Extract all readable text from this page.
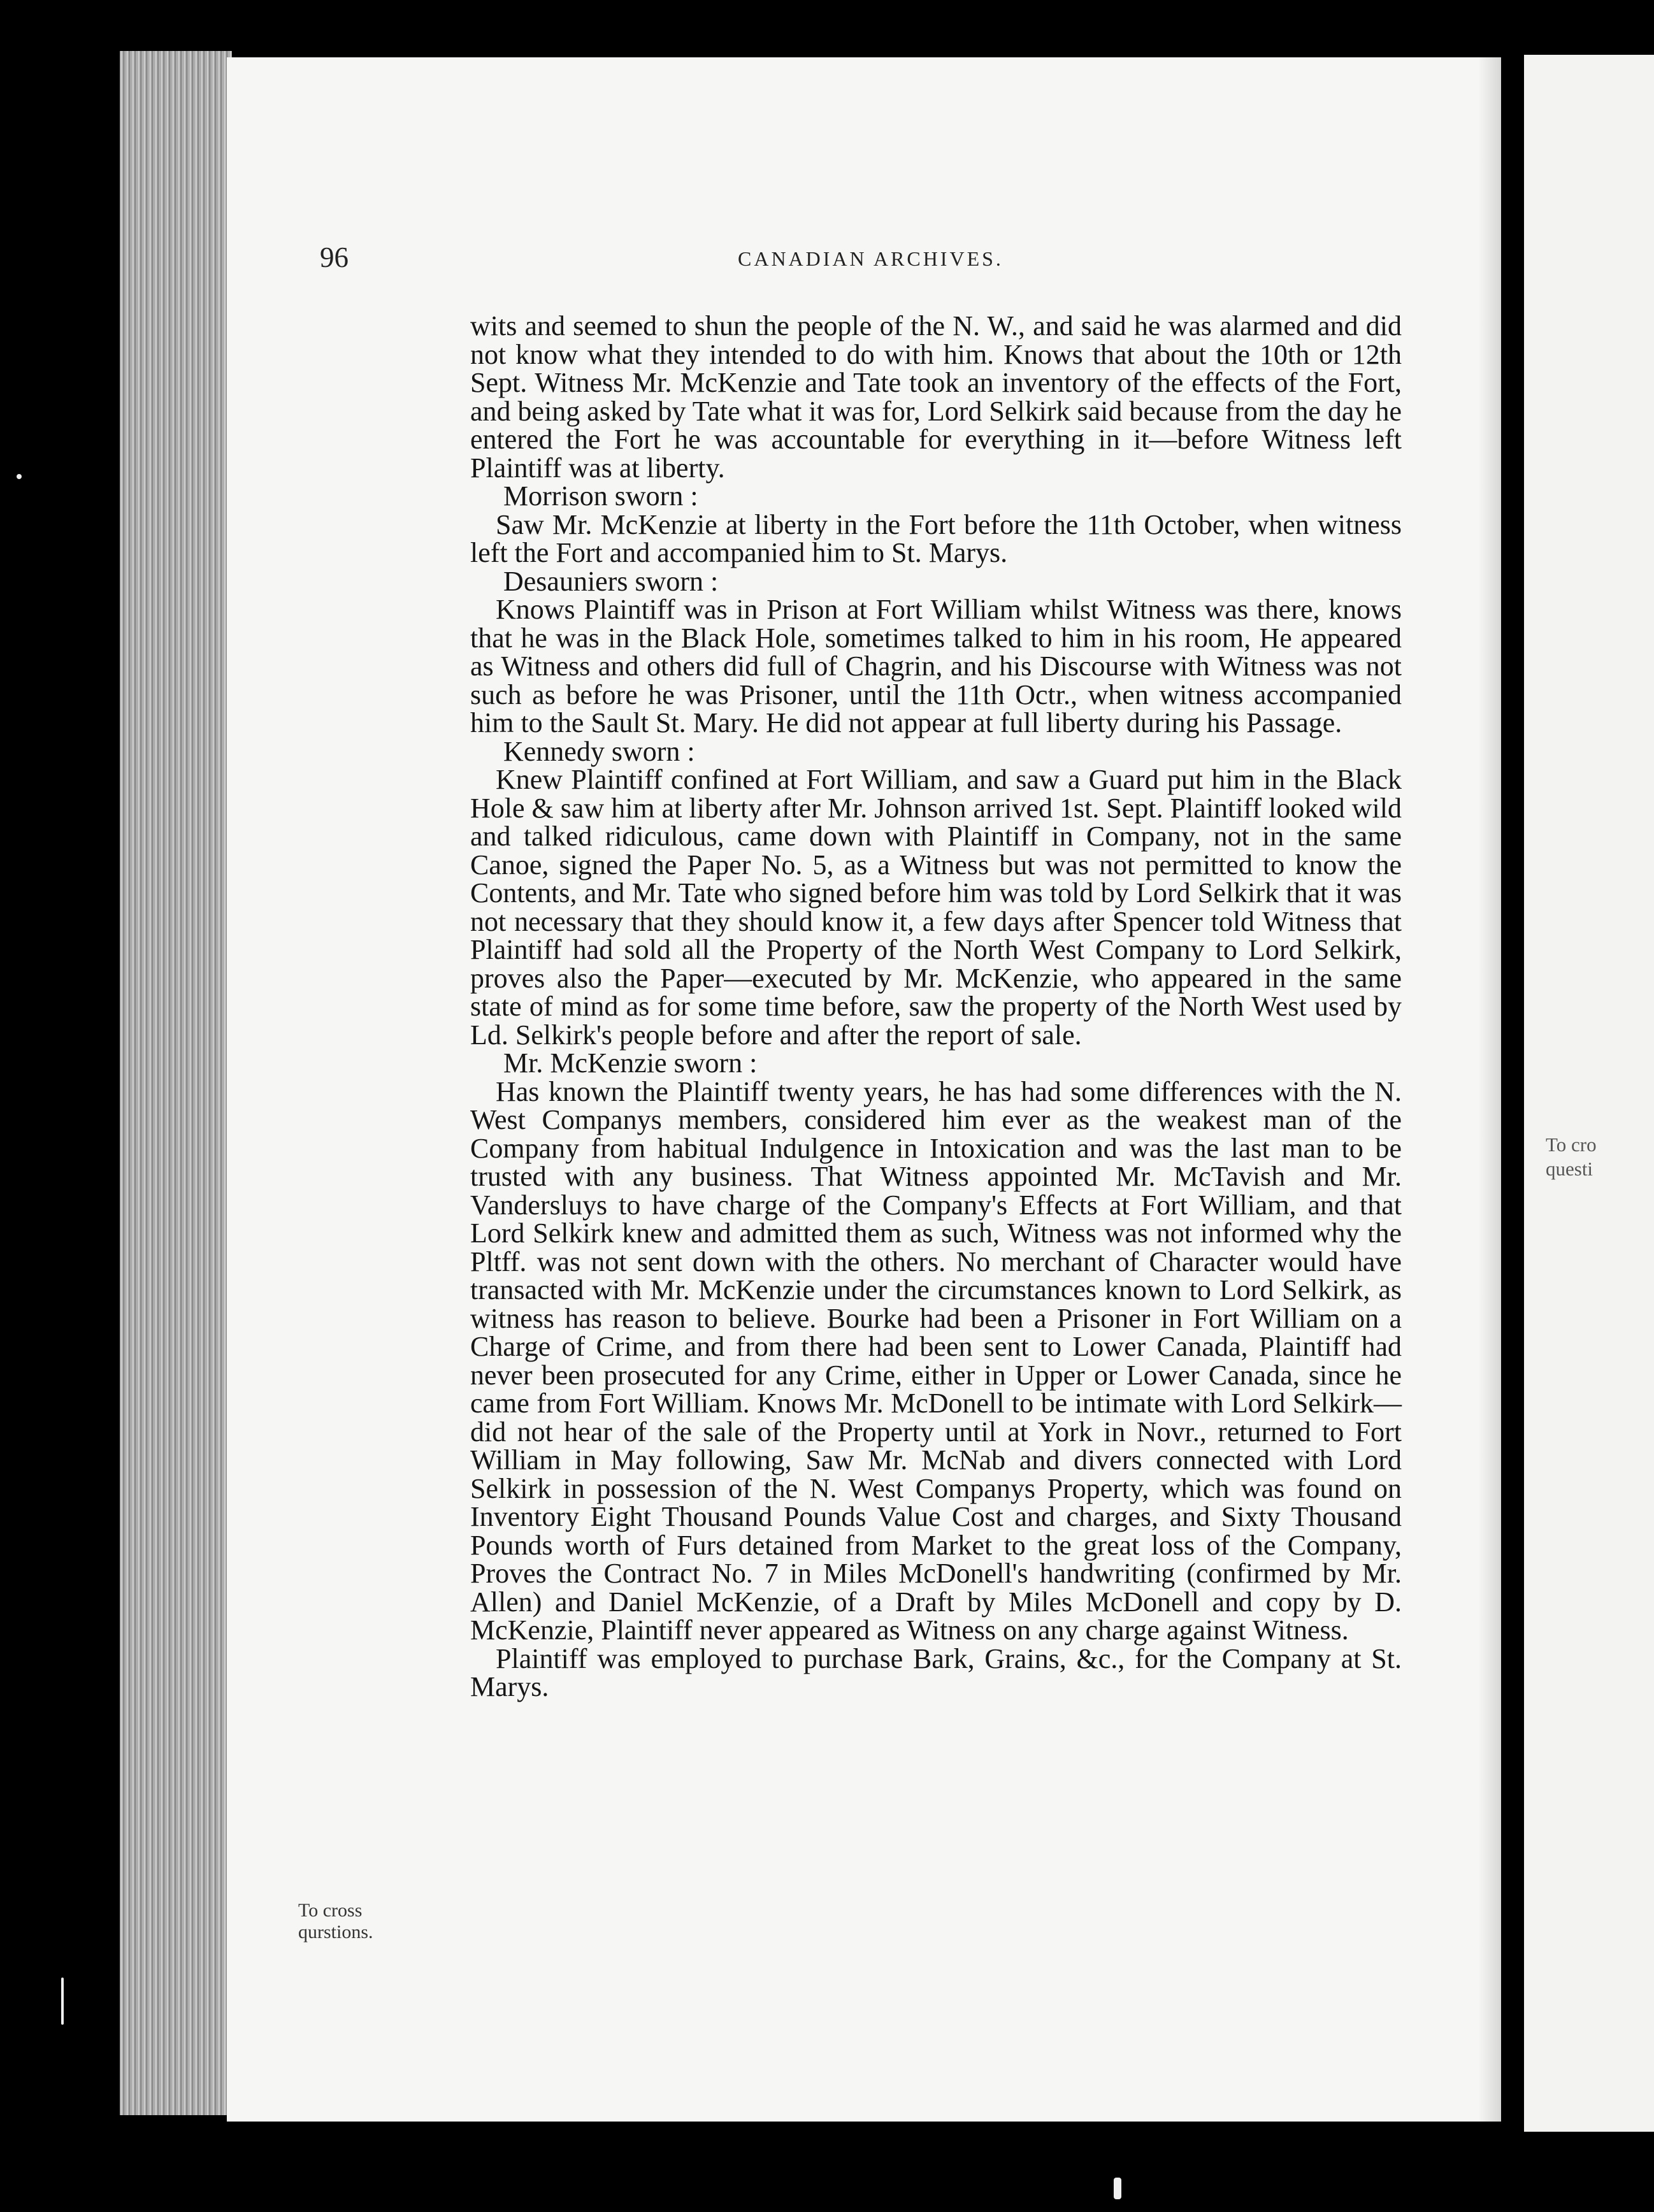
To cro
questi
96	CANADIAN ARCHIVES.

wits and seemed to shun the people of the N. W., and said he was alarmed and did not know what they intended to do with him. Knows that about the 10th or 12th Sept. Witness Mr. McKenzie and Tate took an inventory of the effects of the Fort, and being asked by Tate what it was for, Lord Selkirk said because from the day he entered the Fort he was accountable for everything in it—before Witness left Plaintiff was at liberty.

Morrison sworn :

Saw Mr. McKenzie at liberty in the Fort before the 11th October, when witness left the Fort and accompanied him to St. Marys.

Desauniers sworn :

Knows Plaintiff was in Prison at Fort William whilst Witness was there, knows that he was in the Black Hole, sometimes talked to him in his room, He appeared as Witness and others did full of Chagrin, and his Discourse with Witness was not such as before he was Prisoner, until the 11th Octr., when witness accompanied him to the Sault St. Mary. He did not appear at full liberty during his Passage.

Kennedy sworn :

Knew Plaintiff confined at Fort William, and saw a Guard put him in the Black Hole & saw him at liberty after Mr. Johnson arrived 1st. Sept. Plaintiff looked wild and talked ridiculous, came down with Plaintiff in Company, not in the same Canoe, signed the Paper No. 5, as a Witness but was not permitted to know the Contents, and Mr. Tate who signed before him was told by Lord Selkirk that it was not necessary that they should know it, a few days after Spencer told Witness that Plaintiff had sold all the Property of the North West Company to Lord Selkirk, proves also the Paper—executed by Mr. McKenzie, who appeared in the same state of mind as for some time before, saw the property of the North West used by Ld. Selkirk's people before and after the report of sale.

Mr. McKenzie sworn :

Has known the Plaintiff twenty years, he has had some differences with the N. West Companys members, considered him ever as the weakest man of the Company from habitual Indulgence in Intoxication and was the last man to be trusted with any business. That Witness appointed Mr. McTavish and Mr. Vandersluys to have charge of the Company's Effects at Fort William, and that Lord Selkirk knew and admitted them as such, Witness was not informed why the Pltff. was not sent down with the others. No merchant of Character would have transacted with Mr. McKenzie under the circumstances known to Lord Selkirk, as witness has reason to believe. Bourke had been a Prisoner in Fort William on a Charge of Crime, and from there had been sent to Lower Canada, Plaintiff had never been prosecuted for any Crime, either in Upper or Lower Canada, since he came from Fort William. Knows Mr. McDonell to be intimate with Lord Selkirk—did not hear of the sale of the Property until at York in Novr., returned to Fort William in May following, Saw Mr. McNab and divers connected with Lord Selkirk in possession of the N. West Companys Property, which was found on Inventory Eight Thousand Pounds Value Cost and charges, and Sixty Thousand Pounds worth of Furs detained from Market to the great loss of the Company, Proves the Contract No. 7 in Miles McDonell's handwriting (confirmed by Mr. Allen) and Daniel McKenzie, of a Draft by Miles McDonell and copy by D. McKenzie, Plaintiff never appeared as Witness on any charge against Witness.

Plaintiff was employed to purchase Bark, Grains, &c., for the Company at St. Marys.

To cross
qurstions.
